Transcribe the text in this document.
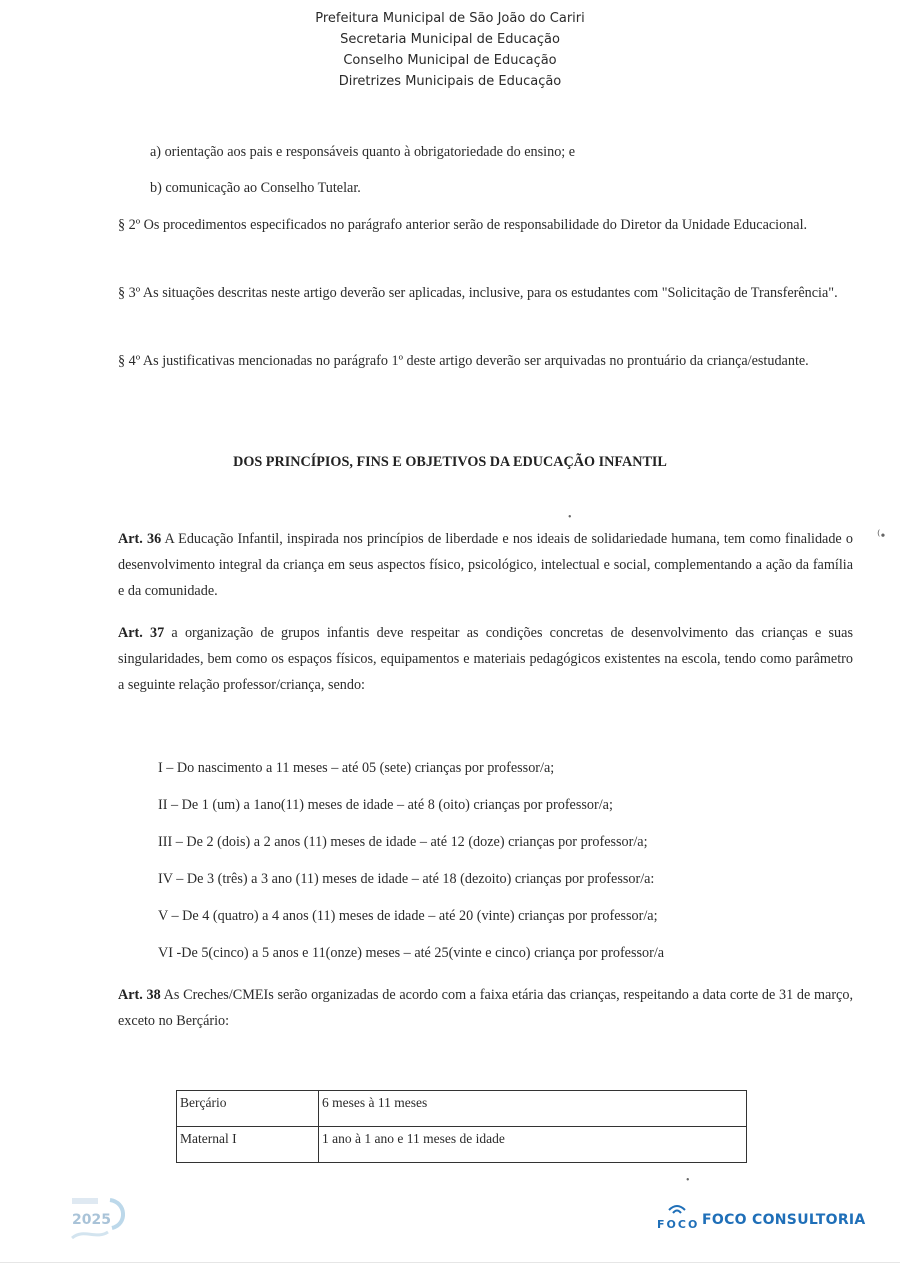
Prefeitura Municipal de São João do Cariri
Secretaria Municipal de Educação
Conselho Municipal de Educação
Diretrizes Municipais de Educação

a) orientação aos pais e responsáveis quanto à obrigatoriedade do ensino; e

b) comunicação ao Conselho Tutelar.

§ 2º Os procedimentos especificados no parágrafo anterior serão de responsabilidade do Diretor da Unidade Educacional.

§ 3º As situações descritas neste artigo deverão ser aplicadas, inclusive, para os estudantes com "Solicitação de Transferência".

§ 4º As justificativas mencionadas no parágrafo 1º deste artigo deverão ser arquivadas no prontuário da criança/estudante.

DOS PRINCÍPIOS, FINS E OBJETIVOS DA EDUCAÇÃO INFANTIL

Art. 36 A Educação Infantil, inspirada nos princípios de liberdade e nos ideais de solidariedade humana, tem como finalidade o desenvolvimento integral da criança em seus aspectos físico, psicológico, intelectual e social, complementando a ação da família e da comunidade.

Art. 37 a organização de grupos infantis deve respeitar as condições concretas de desenvolvimento das crianças e suas singularidades, bem como os espaços físicos, equipamentos e materiais pedagógicos existentes na escola, tendo como parâmetro a seguinte relação professor/criança, sendo:

I – Do nascimento a 11 meses – até 05 (sete) crianças por professor/a;

II – De 1 (um) a 1ano(11) meses de idade – até 8 (oito) crianças por professor/a;

III – De 2 (dois) a 2 anos (11) meses de idade – até 12 (doze) crianças por professor/a;

IV – De 3 (três) a 3 ano (11) meses de idade – até 18 (dezoito) crianças por professor/a:

V – De 4 (quatro) a 4 anos (11) meses de idade – até 20 (vinte) crianças por professor/a;

VI -De 5(cinco) a 5 anos e 11(onze) meses – até 25(vinte e cinco) criança por professor/a

Art. 38 As Creches/CMEIs serão organizadas de acordo com a faixa etária das crianças, respeitando a data corte de 31 de março, exceto no Berçário:

Berçário	6 meses à 11 meses
Maternal I	1 ano à 1 ano e 11 meses de idade
•
⁽•
•
2025	FOCO FOCO CONSULTORIA
